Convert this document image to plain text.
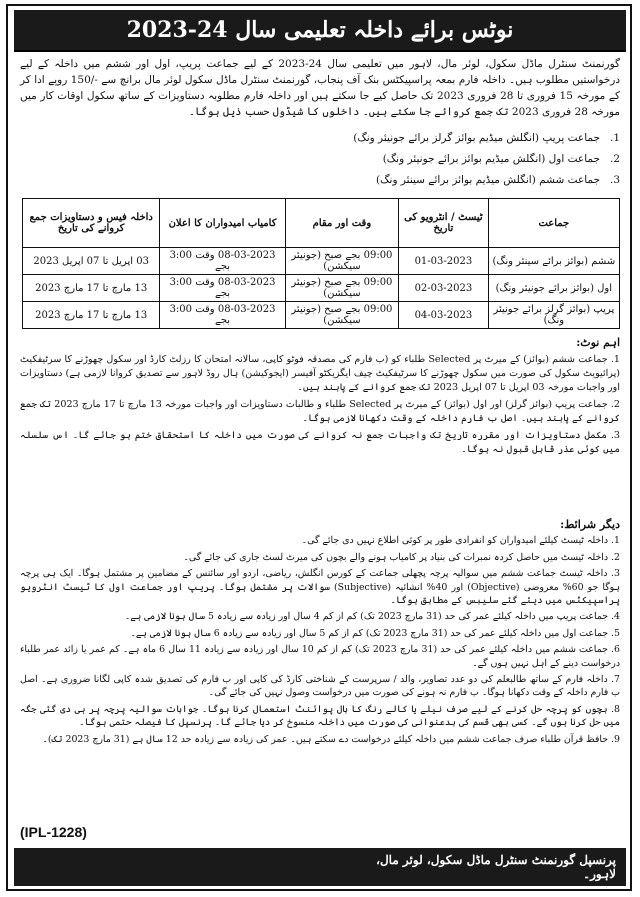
نوٹس برائے داخلہ تعلیمی سال 24-2023
گورنمنٹ سنٹرل ماڈل سکول، لوئر مال، لاہور میں تعلیمی سال 24-2023 کے لیے جماعت پریپ، اول اور ششم میں داخلہ کے لیے درخواستیں مطلوب ہیں۔ داخلہ فارم بمعہ پراسپیکٹس بنک آف پنجاب، گورنمنٹ سنٹرل ماڈل سکول لوئر مال برانچ سے -/150 روپے ادا کر کے مورخہ 15 فروری تا 28 فروری 2023 تک حاصل کیے جا سکتے ہیں اور داخلہ فارم مطلوبہ دستاویزات کے ساتھ سکول اوقات کار میں مورخہ 28 فروری 2023 تک جمع کروائے جا سکتے ہیں۔ داخلوں کا شیڈول حسب ذیل ہوگا۔
1.
جماعت پریپ (انگلش میڈیم بوائز گرلز برائے جونیئر ونگ)
2.
جماعت اول (انگلش میڈیم بوائز برائے جونیئر ونگ)
3.
جماعت ششم (انگلش میڈیم بوائز برائے سینئر ونگ)
جماعت	ٹیسٹ / انٹرویو کی تاریخ	وقت اور مقام	کامیاب امیدواران کا اعلان	داخلہ فیس و دستاویزات جمع کروانے کی تاریخ
ششم (بوائز برائے سینئر ونگ)	01-03-2023	09:00 بجے صبح (جونیئر سیکشن)	08-03-2023 وقت 3:00 بجے	03 اپریل تا 07 اپریل 2023
اول (بوائز برائے جونیئر ونگ)	02-03-2023	09:00 بجے صبح (جونیئر سیکشن)	08-03-2023 وقت 3:00 بجے	13 مارچ تا 17 مارچ 2023
پریپ (بوائز گرلز برائے جونیئر ونگ)	04-03-2023	09:00 بجے صبح (جونیئر سیکشن)	08-03-2023 وقت 3:00 بجے	13 مارچ تا 17 مارچ 2023

اہم نوٹ:

1. جماعت ششم (بوائز) کے میرٹ پر Selected طلباء کو (ب فارم کی مصدقہ فوٹو کاپی، سالانہ امتحان کا رزلٹ کارڈ اور سکول چھوڑنے کا سرٹیفکیٹ (پرائیویٹ سکول کی صورت میں سکول چھوڑنے کا سرٹیفکیٹ چیف ایگزیکٹو آفیسر (ایجوکیشن) ہال روڈ لاہور سے تصدیق کروانا لازمی ہے) دستاویزات اور واجبات مورخہ 03 اپریل تا 07 اپریل 2023 تک جمع کروانے کے پابند ہیں۔

2. جماعت پریپ (بوائز گرلز) اور اول (بوائز) کے میرٹ پر Selected طلباء و طالبات دستاویزات اور واجبات مورخہ 13 مارچ تا 17 مارچ 2023 تک جمع کروانے کے پابند ہیں۔ اصل ب فارم داخلہ کے وقت دکھانا لازمی ہوگا۔

3. مکمل دستاویزات اور مقررہ تاریخ تک واجبات جمع نہ کروانے کی صورت میں داخلہ کا استحقاق ختم ہو جائے گا۔ اس سلسلہ میں کوئی عذر قابل قبول نہ ہوگا۔

دیگر شرائط:

1. داخلہ ٹیسٹ کیلئے امیدواران کو انفرادی طور پر کوئی اطلاع نہیں دی جائے گی۔

2. داخلہ ٹیسٹ میں حاصل کردہ نمبرات کی بنیاد پر کامیاب ہونے والے بچوں کی میرٹ لسٹ جاری کی جائے گی۔

3. داخلہ ٹیسٹ جماعت ششم میں سوالیہ پرچہ پچھلی جماعت کے کورس انگلش، ریاضی، اردو اور سائنس کے مضامین پر مشتمل ہوگا۔ ایک ہی پرچہ ہوگا جو 60% معروضی (Objective) اور 40% انشائیہ (Subjective) سوالات پر مشتمل ہوگا۔ پریپ اور جماعت اول کا ٹیسٹ انٹرویو پراسپیکٹس میں دیئے گئے سلیبس کے مطابق ہوگا۔

4. جماعت پریپ میں داخلہ کیلئے عمر کی حد (31 مارچ 2023 تک) کم از کم 4 سال اور زیادہ سے زیادہ 5 سال ہونا لازمی ہے۔

5. جماعت اول میں داخلہ کیلئے عمر کی حد (31 مارچ 2023 تک) کم از کم 5 سال اور زیادہ سے زیادہ 6 سال ہونا لازمی ہے۔

6. جماعت ششم میں داخلہ کیلئے عمر کی حد (31 مارچ 2023 تک) کم از کم 10 سال اور زیادہ سے زیادہ 11 سال 6 ماہ ہے۔ کم عمر یا زائد عمر طلباء درخواست دینے کے اہل نہیں ہوں گے۔

7. داخلہ فارم کے ساتھ طالبعلم کی دو عدد تصاویر، والد / سرپرست کے شناختی کارڈ کی کاپی اور ب فارم کی تصدیق شدہ کاپی لگانا ضروری ہے۔ اصل ب فارم داخلہ کے وقت دکھانا ہوگا۔ ب فارم نہ ہونے کی صورت میں درخواست وصول نہیں کی جائے گی۔

8. بچوں کو پرچہ حل کرنے کے لیے صرف نیلے یا کالے رنگ کا بال پوائنٹ استعمال کرنا ہوگا۔ جوابات سوالیہ پرچہ پر ہی دی گئی جگہ میں حل کرنا ہوں گے۔ کسی بھی قسم کی بدعنوانی کی صورت میں داخلہ منسوخ کر دیا جائے گا۔ پرنسپل کا فیصلہ حتمی ہوگا۔

9. حافظ قرآن طلباء صرف جماعت ششم میں داخلہ کیلئے درخواست دے سکتے ہیں۔ عمر کی زیادہ سے زیادہ حد 12 سال ہے (31 مارچ 2023 تک)۔

(IPL-1228)
پرنسپل گورنمنٹ سنٹرل ماڈل سکول، لوئر مال،
لاہور۔
